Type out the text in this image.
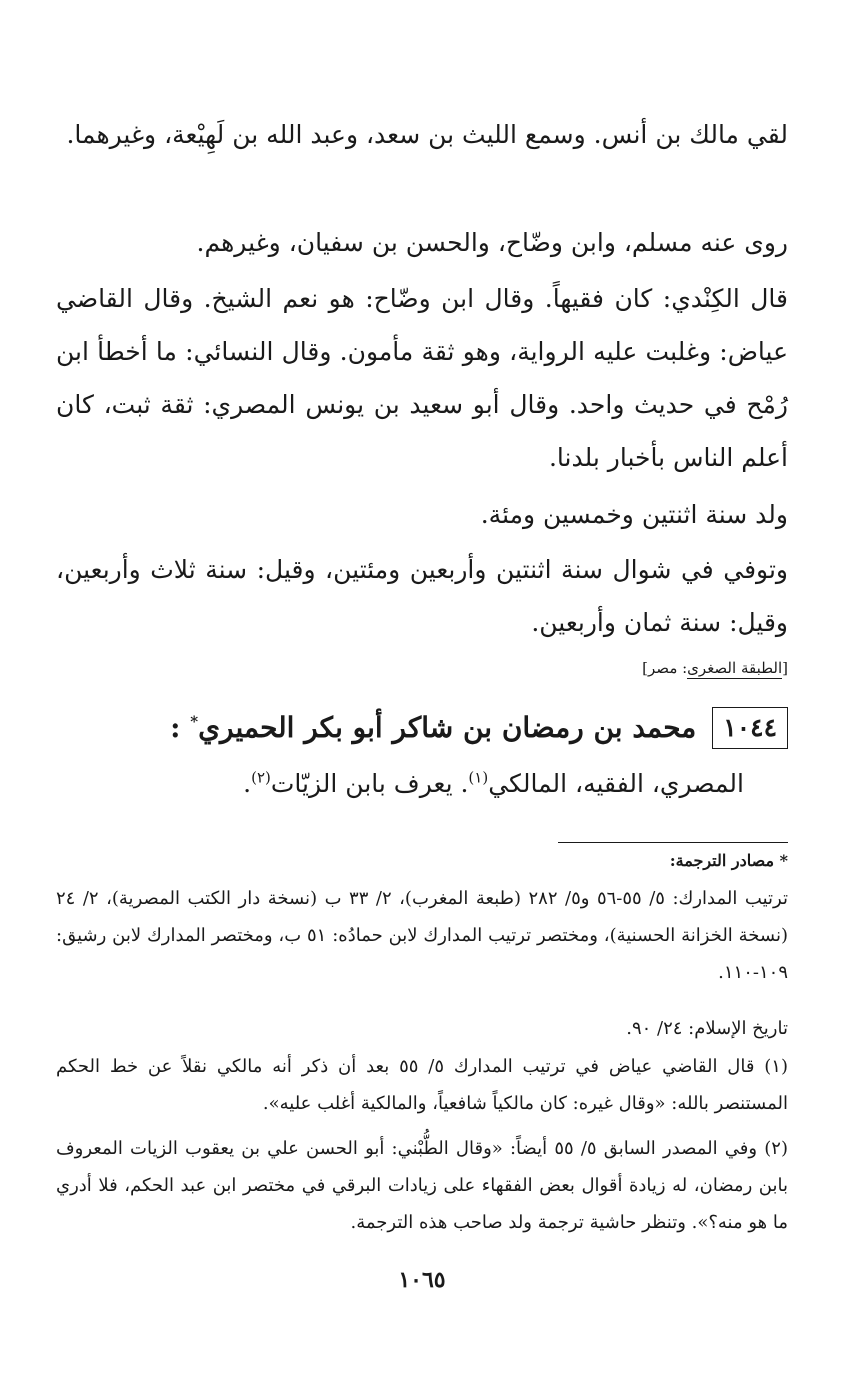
لقي مالك بن أنس. وسمع الليث بن سعد، وعبد الله بن لَهِيْعة، وغيرهما.

روى عنه مسلم، وابن وضّاح، والحسن بن سفيان، وغيرهم.

قال الكِنْدي: كان فقيهاً. وقال ابن وضّاح: هو نعم الشيخ. وقال القاضي عياض: وغلبت عليه الرواية، وهو ثقة مأمون. وقال النسائي: ما أخطأ ابن رُمْح في حديث واحد. وقال أبو سعيد بن يونس المصري: ثقة ثبت، كان أعلم الناس بأخبار بلدنا.

ولد سنة اثنتين وخمسين ومئة.

وتوفي في شوال سنة اثنتين وأربعين ومئتين، وقيل: سنة ثلاث وأربعين، وقيل: سنة ثمان وأربعين.

[الطبقة الصغرى: مصر]
١٠٤٤
محمد بن رمضان بن شاكر أبو بكر الحميري* :
المصري، الفقيه، المالكي$^{(١)}$. يعرف بابن الزيّات$^{(٢)}$.
* مصادر الترجمة:

ترتيب المدارك: ٥/ ٥٥-٥٦ و٥/ ٢٨٢ (طبعة المغرب)، ٢/ ٣٣ ب (نسخة دار الكتب المصرية)، ٢/ ٢٤ (نسخة الخزانة الحسنية)، ومختصر ترتيب المدارك لابن حمادُه: ٥١ ب، ومختصر المدارك لابن رشيق: ١٠٩-١١٠.

تاريخ الإسلام: ٢٤/ ٩٠.

(١) قال القاضي عياض في ترتيب المدارك ٥/ ٥٥ بعد أن ذكر أنه مالكي نقلاً عن خط الحكم المستنصر بالله: «وقال غيره: كان مالكياً شافعياً، والمالكية أغلب عليه».

(٢) وفي المصدر السابق ٥/ ٥٥ أيضاً: «وقال الطُّبْني: أبو الحسن علي بن يعقوب الزيات المعروف بابن رمضان، له زيادة أقوال بعض الفقهاء على زيادات البرقي في مختصر ابن عبد الحكم، فلا أدري ما هو منه؟». وتنظر حاشية ترجمة ولد صاحب هذه الترجمة.

١٠٦٥
